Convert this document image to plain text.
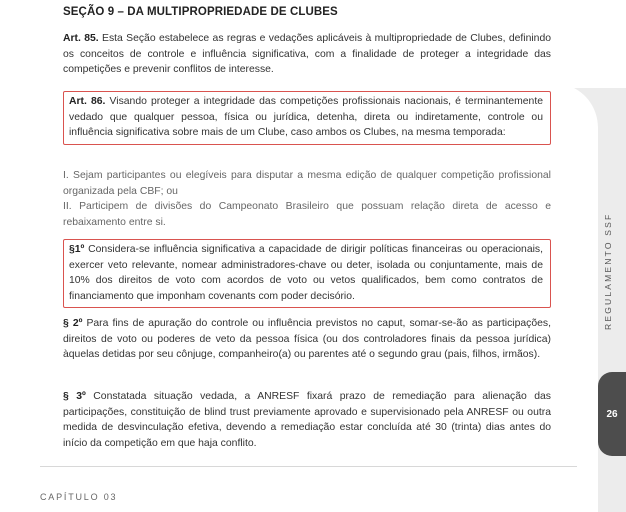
SEÇÃO 9 – DA MULTIPROPRIEDADE DE CLUBES

Art. 85. Esta Seção estabelece as regras e vedações aplicáveis à multipropriedade de Clubes, definindo os conceitos de controle e influência significativa, com a finalidade de proteger a integridade das competições e prevenir conflitos de interesse.

Art. 86. Visando proteger a integridade das competições profissionais nacionais, é terminantemente vedado que qualquer pessoa, física ou jurídica, detenha, direta ou indiretamente, controle ou influência significativa sobre mais de um Clube, caso ambos os Clubes, na mesma temporada:

I. Sejam participantes ou elegíveis para disputar a mesma edição de qualquer competição profissional organizada pela CBF; ou

II. Participem de divisões do Campeonato Brasileiro que possuam relação direta de acesso e rebaixamento entre si.

§1º Considera-se influência significativa a capacidade de dirigir políticas financeiras ou operacionais, exercer veto relevante, nomear administradores-chave ou deter, isolada ou conjuntamente, mais de 10% dos direitos de voto com acordos de voto ou vetos qualificados, bem como contratos de financiamento que imponham covenants com poder decisório.

§ 2º Para fins de apuração do controle ou influência previstos no caput, somar-se-ão as participações, direitos de voto ou poderes de veto da pessoa física (ou dos controladores finais da pessoa jurídica) àquelas detidas por seu cônjuge, companheiro(a) ou parentes até o segundo grau (pais, filhos, irmãos).

§ 3º Constatada situação vedada, a ANRESF fixará prazo de remediação para alienação das participações, constituição de blind trust previamente aprovado e supervisionado pela ANRESF ou outra medida de desvinculação efetiva, devendo a remediação estar concluída até 30 (trinta) dias antes do início da competição em que haja conflito.

CAPÍTULO 03
REGULAMENTO SSF
26
